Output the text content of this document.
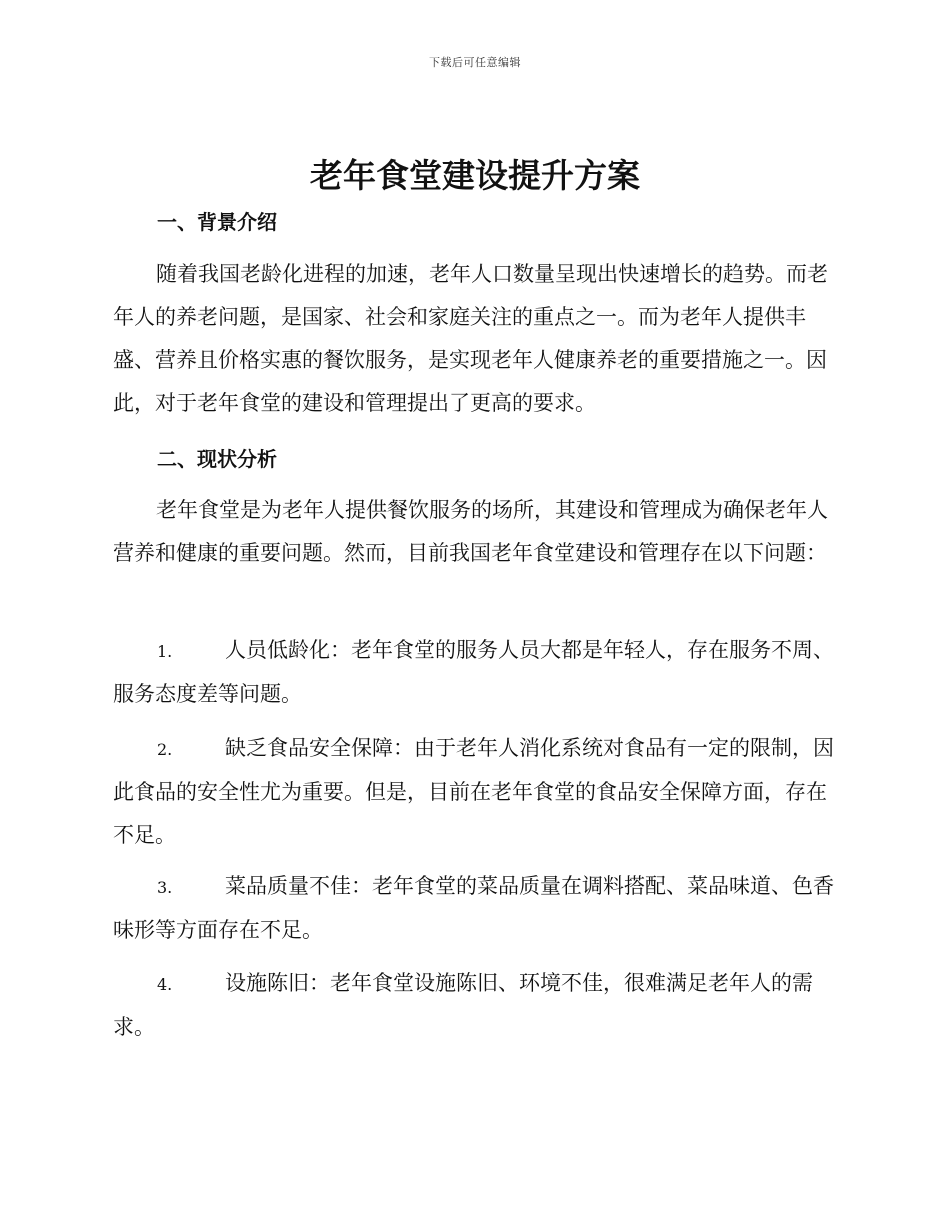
下载后可任意编辑
老年食堂建设提升方案
一、背景介绍

随着我国老龄化进程的加速，老年人口数量呈现出快速增长的趋势。而老年人的养老问题，是国家、社会和家庭关注的重点之一。而为老年人提供丰盛、营养且价格实惠的餐饮服务，是实现老年人健康养老的重要措施之一。因此，对于老年食堂的建设和管理提出了更高的要求。

二、现状分析

老年食堂是为老年人提供餐饮服务的场所，其建设和管理成为确保老年人营养和健康的重要问题。然而，目前我国老年食堂建设和管理存在以下问题：

1.	人员低龄化：老年食堂的服务人员大都是年轻人，存在服务不周、服务态度差等问题。

2.	缺乏食品安全保障：由于老年人消化系统对食品有一定的限制，因此食品的安全性尤为重要。但是，目前在老年食堂的食品安全保障方面，存在不足。

3.	菜品质量不佳：老年食堂的菜品质量在调料搭配、菜品味道、色香味形等方面存在不足。

4.	设施陈旧：老年食堂设施陈旧、环境不佳，很难满足老年人的需求。
